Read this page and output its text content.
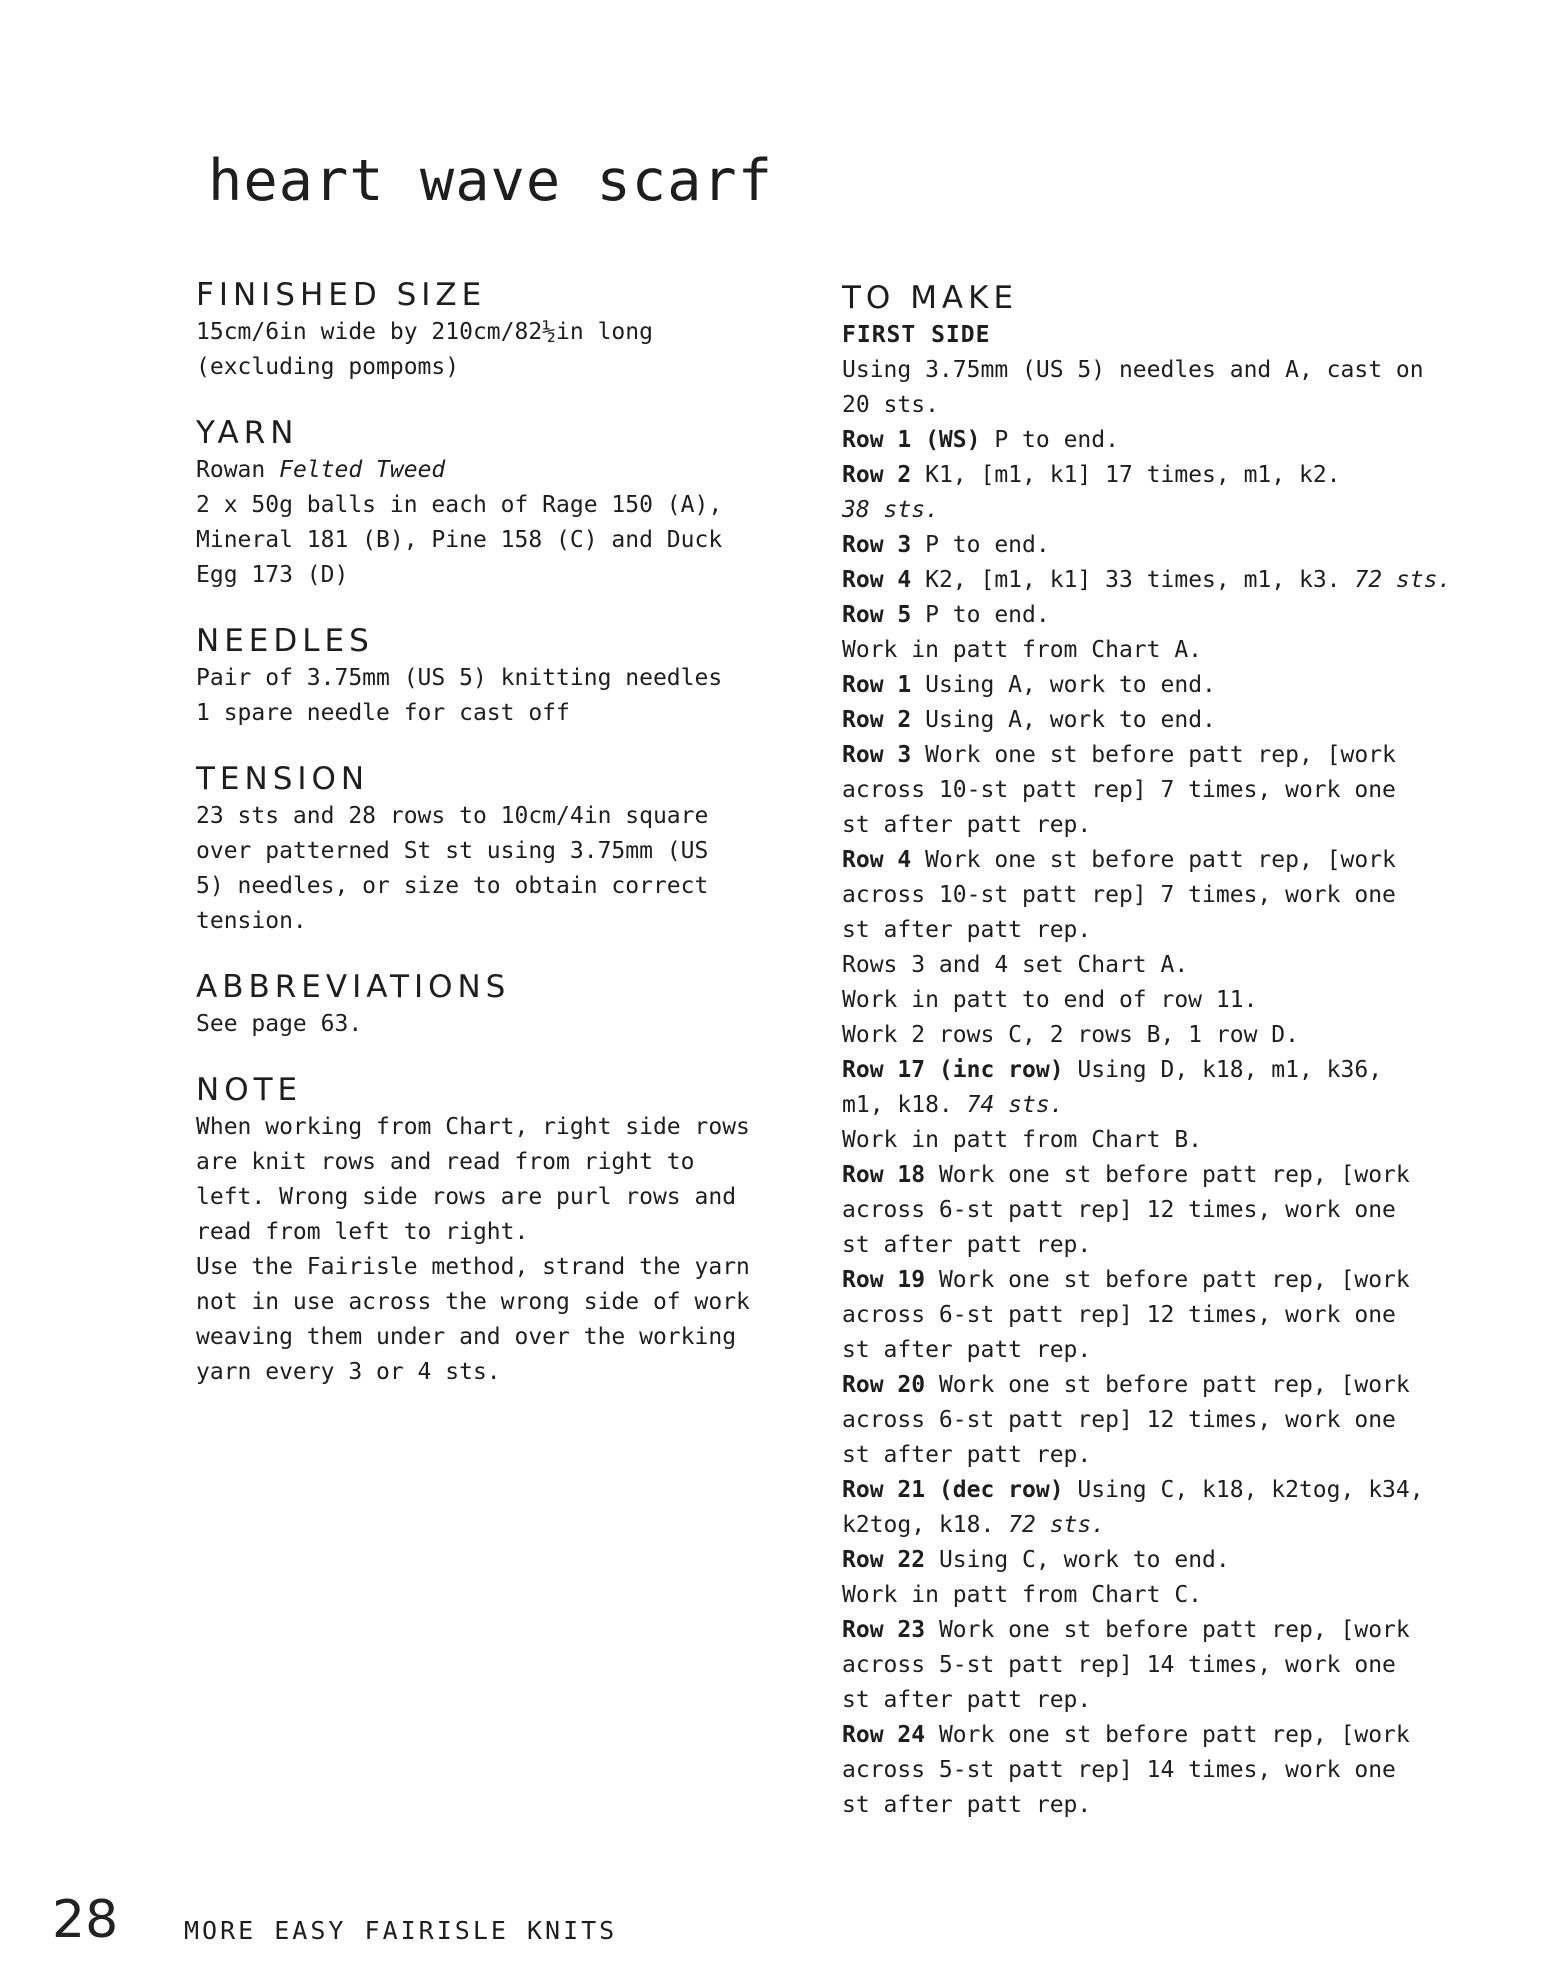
heart wave scarf
FINISHED SIZE
15cm/6in wide by 210cm/82½in long
(excluding pompoms)
YARN
Rowan Felted Tweed
2 x 50g balls in each of Rage 150 (A),
Mineral 181 (B), Pine 158 (C) and Duck
Egg 173 (D)
NEEDLES
Pair of 3.75mm (US 5) knitting needles
1 spare needle for cast off
TENSION
23 sts and 28 rows to 10cm/4in square
over patterned St st using 3.75mm (US
5) needles, or size to obtain correct
tension.
ABBREVIATIONS
See page 63.
NOTE
When working from Chart, right side rows
are knit rows and read from right to
left. Wrong side rows are purl rows and
read from left to right.
Use the Fairisle method, strand the yarn
not in use across the wrong side of work
weaving them under and over the working
yarn every 3 or 4 sts.
TO MAKE
FIRST SIDE
Using 3.75mm (US 5) needles and A, cast on
20 sts.
Row 1 (WS) P to end.
Row 2 K1, [m1, k1] 17 times, m1, k2.
38 sts.
Row 3 P to end.
Row 4 K2, [m1, k1] 33 times, m1, k3. 72 sts.
Row 5 P to end.
Work in patt from Chart A.
Row 1 Using A, work to end.
Row 2 Using A, work to end.
Row 3 Work one st before patt rep, [work
across 10-st patt rep] 7 times, work one
st after patt rep.
Row 4 Work one st before patt rep, [work
across 10-st patt rep] 7 times, work one
st after patt rep.
Rows 3 and 4 set Chart A.
Work in patt to end of row 11.
Work 2 rows C, 2 rows B, 1 row D.
Row 17 (inc row) Using D, k18, m1, k36,
m1, k18. 74 sts.
Work in patt from Chart B.
Row 18 Work one st before patt rep, [work
across 6-st patt rep] 12 times, work one
st after patt rep.
Row 19 Work one st before patt rep, [work
across 6-st patt rep] 12 times, work one
st after patt rep.
Row 20 Work one st before patt rep, [work
across 6-st patt rep] 12 times, work one
st after patt rep.
Row 21 (dec row) Using C, k18, k2tog, k34,
k2tog, k18. 72 sts.
Row 22 Using C, work to end.
Work in patt from Chart C.
Row 23 Work one st before patt rep, [work
across 5-st patt rep] 14 times, work one
st after patt rep.
Row 24 Work one st before patt rep, [work
across 5-st patt rep] 14 times, work one
st after patt rep.
28	MORE EASY FAIRISLE KNITS
